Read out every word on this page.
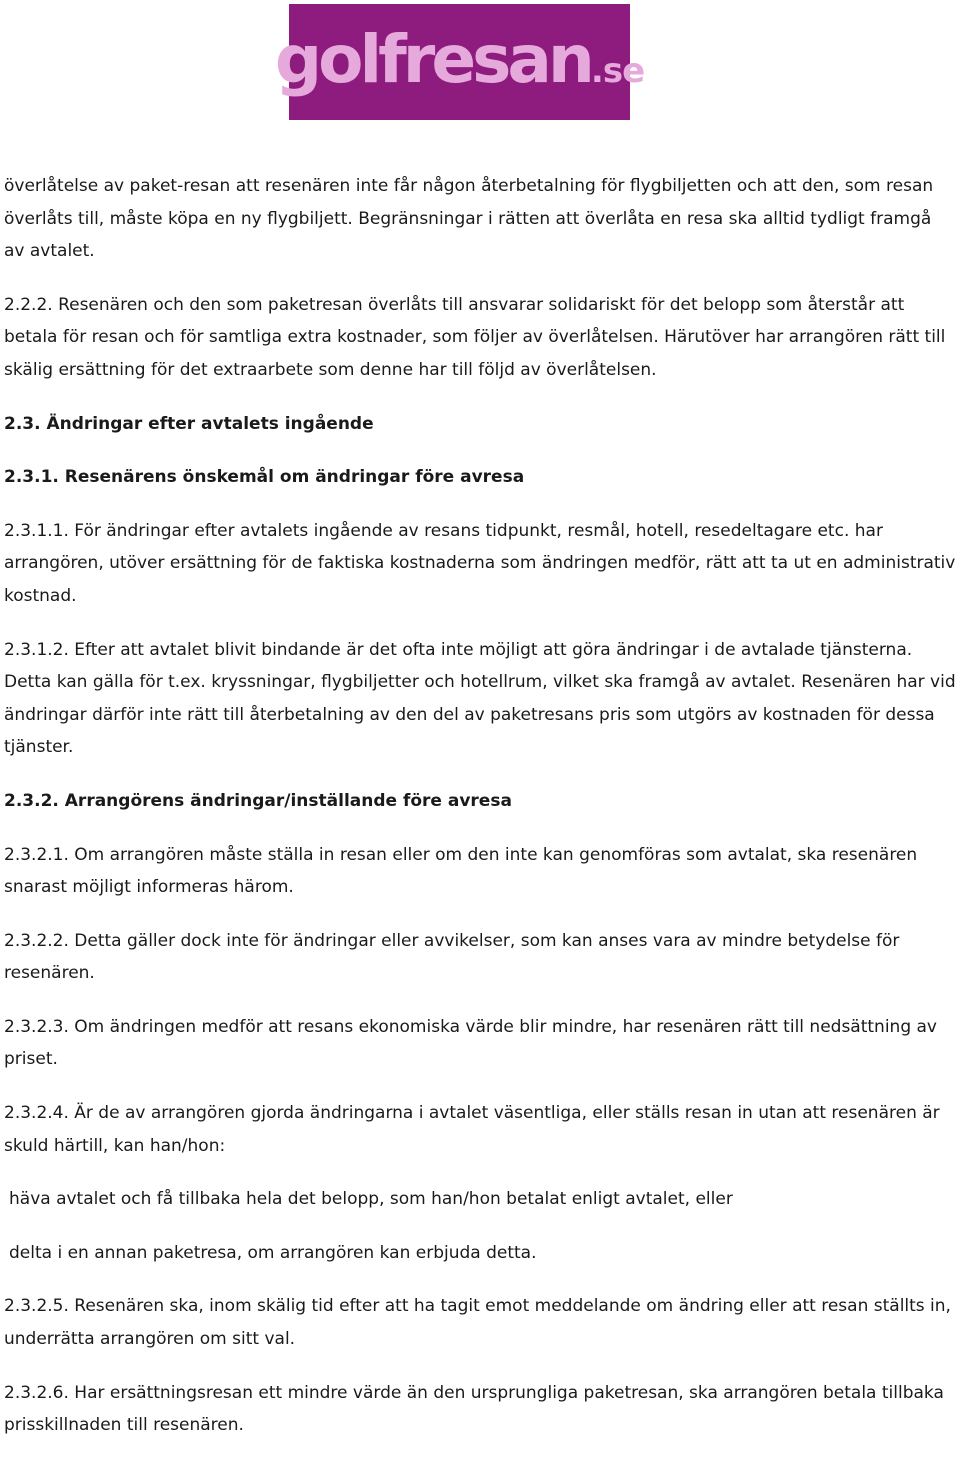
golfresan.se
överlåtelse av paket-resan att resenären inte får någon återbetalning för flygbiljetten och att den, som resan överlåts till, måste köpa en ny flygbiljett. Begränsningar i rätten att överlåta en resa ska alltid tydligt framgå av avtalet.
2.2.2. Resenären och den som paketresan överlåts till ansvarar solidariskt för det belopp som återstår att betala för resan och för samtliga extra kostnader, som följer av överlåtelsen. Härutöver har arrangören rätt till skälig ersättning för det extraarbete som denne har till följd av överlåtelsen.
2.3. Ändringar efter avtalets ingående
2.3.1. Resenärens önskemål om ändringar före avresa
2.3.1.1. För ändringar efter avtalets ingående av resans tidpunkt, resmål, hotell, resedeltagare etc. har arrangören, utöver ersättning för de faktiska kostnaderna som ändringen medför, rätt att ta ut en administrativ kostnad.
2.3.1.2. Efter att avtalet blivit bindande är det ofta inte möjligt att göra ändringar i de avtalade tjänsterna. Detta kan gälla för t.ex. kryssningar, flygbiljetter och hotellrum, vilket ska framgå av avtalet. Resenären har vid ändringar därför inte rätt till återbetalning av den del av paketresans pris som utgörs av kostnaden för dessa tjänster.
2.3.2. Arrangörens ändringar/inställande före avresa
2.3.2.1. Om arrangören måste ställa in resan eller om den inte kan genomföras som avtalat, ska resenären snarast möjligt informeras härom.
2.3.2.2. Detta gäller dock inte för ändringar eller avvikelser, som kan anses vara av mindre betydelse för resenären.
2.3.2.3. Om ändringen medför att resans ekonomiska värde blir mindre, har resenären rätt till nedsättning av priset.
2.3.2.4. Är de av arrangören gjorda ändringarna i avtalet väsentliga, eller ställs resan in utan att resenären är skuld härtill, kan han/hon:
häva avtalet och få tillbaka hela det belopp, som han/hon betalat enligt avtalet, eller
delta i en annan paketresa, om arrangören kan erbjuda detta.
2.3.2.5. Resenären ska, inom skälig tid efter att ha tagit emot meddelande om ändring eller att resan ställts in, underrätta arrangören om sitt val.
2.3.2.6. Har ersättningsresan ett mindre värde än den ursprungliga paketresan, ska arrangören betala tillbaka prisskillnaden till resenären.
